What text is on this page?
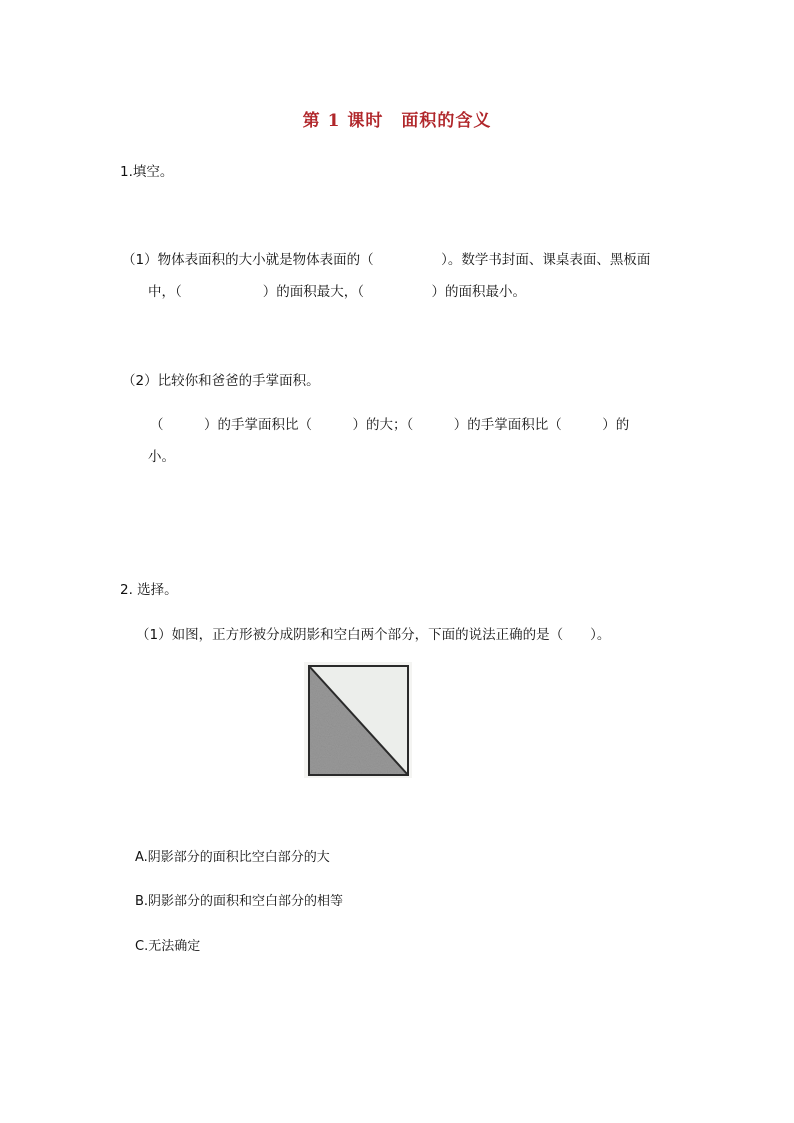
第 1 课时　面积的含义
1.填空。
（1）物体表面积的大小就是物体表面的（　　　　　）。数学书封面、课桌表面、黑板面
中，（　　　　　　）的面积最大，（　　　　　）的面积最小。
（2）比较你和爸爸的手掌面积。
（　　　）的手掌面积比（　　　）的大；（　　　）的手掌面积比（　　　）的
小。
2. 选择。
（1）如图，正方形被分成阴影和空白两个部分，下面的说法正确的是（　　）。
A.阴影部分的面积比空白部分的大
B.阴影部分的面积和空白部分的相等
C.无法确定
